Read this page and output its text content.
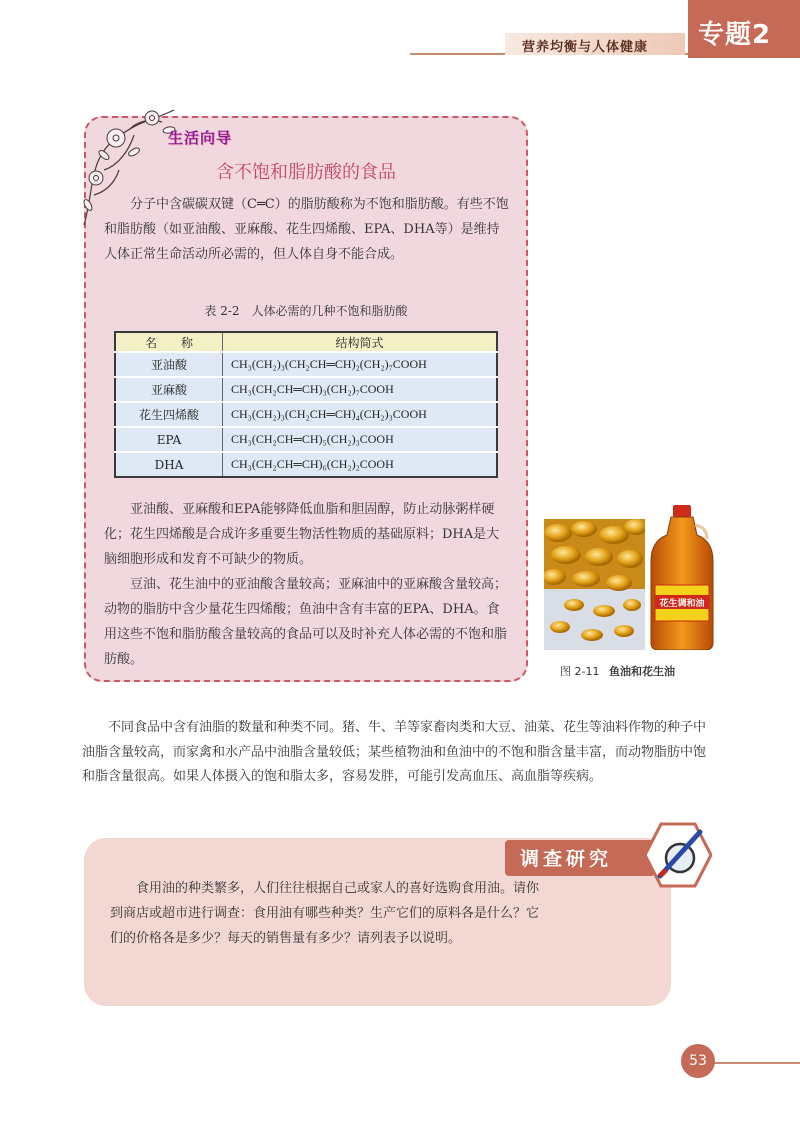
营养均衡与人体健康 专题2
生活向导
含不饱和脂肪酸的食品
分子中含碳碳双键（C═C）的脂肪酸称为不饱和脂肪酸。有些不饱和脂肪酸（如亚油酸、亚麻酸、花生四烯酸、EPA、DHA等）是维持人体正常生命活动所必需的，但人体自身不能合成。
表 2-2　人体必需的几种不饱和脂肪酸
名　　称	结构简式
亚油酸	CH₃(CH₂)₃(CH₂CH═CH)₂(CH₂)₇COOH
亚麻酸	CH₃(CH₂CH═CH)₃(CH₂)₇COOH
花生四烯酸	CH₃(CH₂)₃(CH₂CH═CH)₄(CH₂)₃COOH
EPA	CH₃(CH₂CH═CH)₅(CH₂)₃COOH
DHA	CH₃(CH₂CH═CH)₆(CH₂)₂COOH
亚油酸、亚麻酸和EPA能够降低血脂和胆固醇，防止动脉粥样硬化；花生四烯酸是合成许多重要生物活性物质的基础原料；DHA是大脑细胞形成和发育不可缺少的物质。
豆油、花生油中的亚油酸含量较高；亚麻油中的亚麻酸含量较高；动物的脂肪中含少量花生四烯酸；鱼油中含有丰富的EPA、DHA。食用这些不饱和脂肪酸含量较高的食品可以及时补充人体必需的不饱和脂肪酸。
花生调和油
图 2-11 鱼油和花生油
不同食品中含有油脂的数量和种类不同。猪、牛、羊等家畜肉类和大豆、油菜、花生等油料作物的种子中油脂含量较高，而家禽和水产品中油脂含量较低；某些植物油和鱼油中的不饱和脂含量丰富，而动物脂肪中饱和脂含量很高。如果人体摄入的饱和脂太多，容易发胖，可能引发高血压、高血脂等疾病。
调查研究
食用油的种类繁多，人们往往根据自己或家人的喜好选购食用油。请你到商店或超市进行调查：食用油有哪些种类？生产它们的原料各是什么？它们的价格各是多少？每天的销售量有多少？请列表予以说明。
53
